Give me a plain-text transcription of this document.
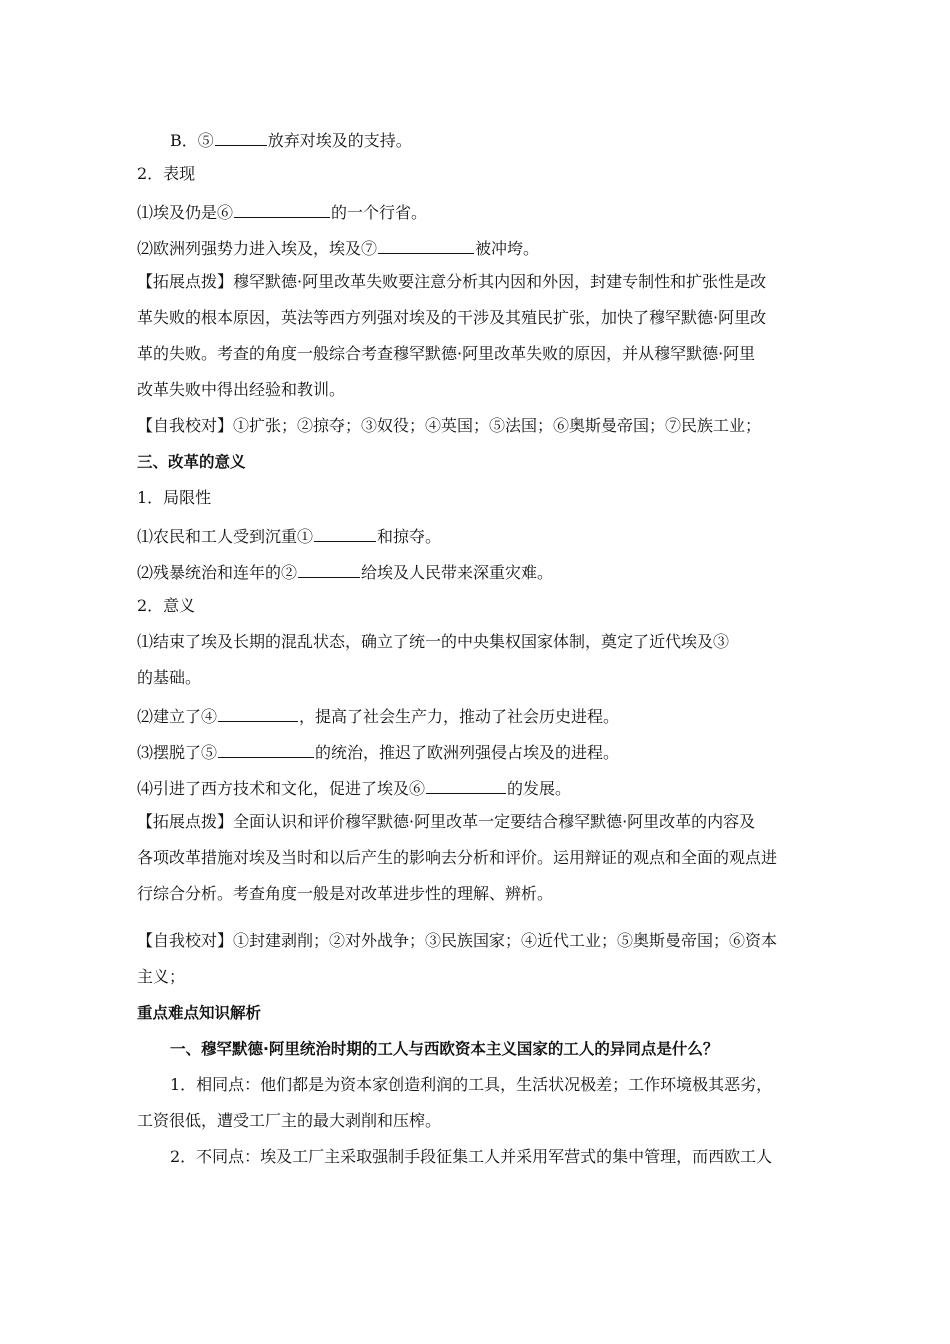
B．⑤	放弃对埃及的支持。
2．表现
⑴埃及仍是⑥	的一个行省。
⑵欧洲列强势力进入埃及，埃及⑦	被冲垮。
【拓展点拨】穆罕默德·阿里改革失败要注意分析其内因和外因，封建专制性和扩张性是改
革失败的根本原因，英法等西方列强对埃及的干涉及其殖民扩张，加快了穆罕默德·阿里改
革的失败。考查的角度一般综合考查穆罕默德·阿里改革失败的原因，并从穆罕默德·阿里
改革失败中得出经验和教训。
【自我校对】①扩张；②掠夺；③奴役；④英国；⑤法国；⑥奥斯曼帝国；⑦民族工业；
三、改革的意义
1．局限性
⑴农民和工人受到沉重①	和掠夺。
⑵残暴统治和连年的②	给埃及人民带来深重灾难。
2．意义
⑴结束了埃及长期的混乱状态，确立了统一的中央集权国家体制，奠定了近代埃及③
的基础。
⑵建立了④	，提高了社会生产力，推动了社会历史进程。
⑶摆脱了⑤	的统治，推迟了欧洲列强侵占埃及的进程。
⑷引进了西方技术和文化，促进了埃及⑥	的发展。
【拓展点拨】全面认识和评价穆罕默德·阿里改革一定要结合穆罕默德·阿里改革的内容及
各项改革措施对埃及当时和以后产生的影响去分析和评价。运用辩证的观点和全面的观点进
行综合分析。考查角度一般是对改革进步性的理解、辨析。
【自我校对】①封建剥削；②对外战争；③民族国家；④近代工业；⑤奥斯曼帝国；⑥资本
主义；
重点难点知识解析
一、穆罕默德·阿里统治时期的工人与西欧资本主义国家的工人的异同点是什么？
1．相同点：他们都是为资本家创造利润的工具，生活状况极差；工作环境极其恶劣，
工资很低，遭受工厂主的最大剥削和压榨。
2．不同点：埃及工厂主采取强制手段征集工人并采用军营式的集中管理，而西欧工人
